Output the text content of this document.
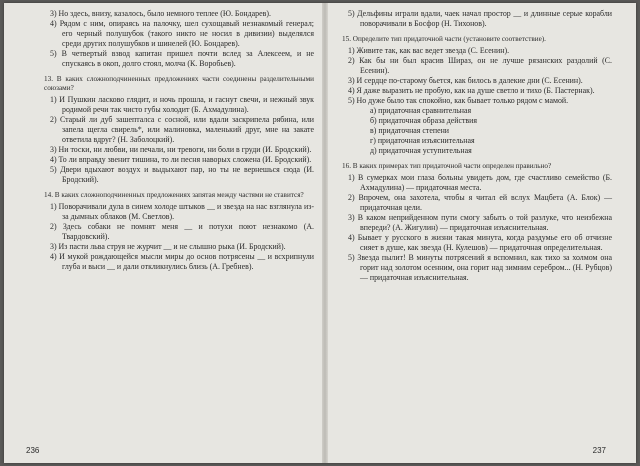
3) Но здесь, внизу, казалось, было немного теплее (Ю. Бондарев).
4) Рядом с ним, опираясь на палочку, шел сухощавый незнакомый генерал; его черный полушубок (такого никто не носил в дивизии) выделялся среди других полушубков и шинелей (Ю. Бондарев).
5) В четвертый взвод капитан пришел почти вслед за Алексеем, и не спускаясь в окоп, долго стоял, молча (К. Воробьев).
13. В каких сложноподчиненных предложениях части соединены разделительными союзами?
1) И Пушкин ласково глядит, и ночь прошла, и гаснут свечи, и нежный звук родимой речи так чисто губы холодит (Б. Ахмадулина).
2) Старый ли дуб зашепталса с сосной, или вдали заскрипела рябина, или запела щегла свирель*, или малиновка, маленький друг, мне на закате ответила вдруг? (Н. Заболоцкий).
3) Ни тоски, ни любви, ни печали, ни тревоги, ни боли в груди (И. Бродский).
4) То ли вправду звенит тишина, то ли песня наворых сложена (И. Бродский).
5) Двери вдыхают воздух и выдыхают пар, но ты не вернешься сюда (И. Бродский).
14. В каких сложноподчиненных предложениях запятая между частями не ставится?
1) Поворачивали дула в синем холоде штыков __ и звезда на нас взглянула из-за дымных облаков (М. Светлов).
2) Здесь собаки не помнят меня __ и потухи поют незнакомо (А. Твардовский).
3) Из пасти льва струя не журчит __ и не слышно рыка (И. Бродский).
4) И мукой рождающейся мысли миры до основ потрясены __ и всхрипнули глуба и выси __ и дали откликнулись близь (А. Гребнев).
236
5) Дельфины играли вдали, чаек начал простор __ и длинные серые корабли поворачивали в Босфор (Н. Тихонов).
15. Определите тип придаточной части (установите соответствие).
1) Живите так, как вас ведет звезда (С. Есенин).
2) Как бы ни был красив Шираз, он не лучше рязанских раздолий (С. Есенин).
3) И сердце по-старому бьется, как билось в далекие дни (С. Есенин).
4) Я даже выразить не пробую, как на душе светло и тихо (Б. Пастернак).
5) Но дуже было так спокойно, как бывает только рядом с мамой.
а) придаточная сравнительная
б) придаточная образа действия
в) придаточная степени
г) придаточная изъяснительная
д) придаточная уступительная
16. В каких примерах тип придаточной части определен правильно?
1) В сумерках мои глаза больны увидеть дом, где счастливо семейство (Б. Ахмадулина) — придаточная места.
2) Впрочем, она захотела, чтобы я читал ей вслух Мацбета (А. Блок) — придаточная цели.
3) В каком неприйденном пути смогу забыть о той разлуке, что неизбежна впереди? (А. Жигулин) — придаточная изъяснительная.
4) Бывает у русского в жизни такая минута, когда раздумье его об отчизне сияет в душе, как звезда (Н. Кулешов) — придаточная определительная.
5) Звезда пылит! В минуты потрясений я вспомнил, как тихо за холмом она горит над золотом осенним, она горит над зимним серебром... (Н. Рубцов) — придаточная изъяснительная.
237
